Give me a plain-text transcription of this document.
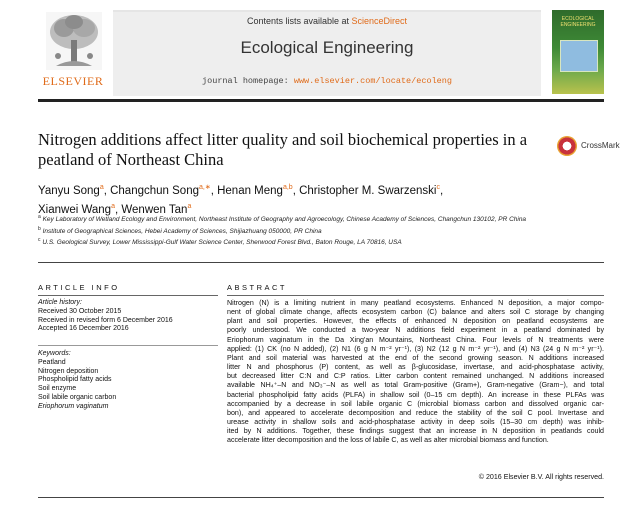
ELSEVIER
Contents lists available at ScienceDirect
Ecological Engineering
journal homepage: www.elsevier.com/locate/ecoleng
ECOLOGICAL ENGINEERING
Nitrogen additions affect litter quality and soil biochemical properties in a peatland of Northeast China
CrossMark
Yanyu Song$^a$, Changchun Song$^{a,∗}$, Henan Meng$^{a,b}$, Christopher M. Swarzenski$^c$,
Xianwei Wang$^a$, Wenwen Tan$^a$

$^a$ Key Laboratory of Wetland Ecology and Environment, Northeast Institute of Geography and Agroecology, Chinese Academy of Sciences, Changchun 130102, PR China

$^b$ Institute of Geographical Sciences, Hebei Academy of Sciences, Shijiazhuang 050000, PR China

$^c$ U.S. Geological Survey, Lower Mississippi-Gulf Water Science Center, Sherwood Forest Blvd., Baton Rouge, LA 70816, USA

ARTICLE INFO
Article history:
Received 30 October 2015
Received in revised form 6 December 2016
Accepted 16 December 2016
Keywords:
Peatland
Nitrogen deposition
Phospholipid fatty acids
Soil enzyme
Soil labile organic carbon
Eriophorum vaginatum
ABSTRACT
Nitrogen (N) is a limiting nutrient in many peatland ecosystems. Enhanced N deposition, a major compo-
nent of global climate change, affects ecosystem carbon (C) balance and alters soil C storage by changing
plant and soil properties. However, the effects of enhanced N deposition on peatland ecosystems are
poorly understood. We conducted a two-year N additions field experiment in a peatland dominated by
Eriophorum vaginatum in the Da Xing'an Mountains, Northeast China. Four levels of N treatments were
applied: (1) CK (no N added), (2) N1 (6 g N m⁻² yr⁻¹), (3) N2 (12 g N m⁻² yr⁻¹), and (4) N3 (24 g N m⁻² yr⁻¹).
Plant and soil material was harvested at the end of the second growing season. N additions increased
litter N and phosphorus (P) content, as well as β-glucosidase, invertase, and acid-phosphatase activity,
but decreased litter C:N and C:P ratios. Litter carbon content remained unchanged. N additions increased
available NH₄⁺–N and NO₃⁻–N as well as total Gram-positive (Gram+), Gram-negative (Gram−), and total
bacterial phospholipid fatty acids (PLFA) in shallow soil (0–15 cm depth). An increase in these PLFAs was
accompanied by a decrease in soil labile organic C (microbial biomass carbon and dissolved organic car-
bon), and appeared to accelerate decomposition and reduce the stability of the soil C pool. Invertase and
urease activity in shallow soils and acid-phosphatase activity in deep soils (15–30 cm depth) was inhib-
ited by N additions. Together, these findings suggest that an increase in N deposition in peatlands could
accelerate litter decomposition and the loss of labile C, as well as alter microbial biomass and function.
© 2016 Elsevier B.V. All rights reserved.
